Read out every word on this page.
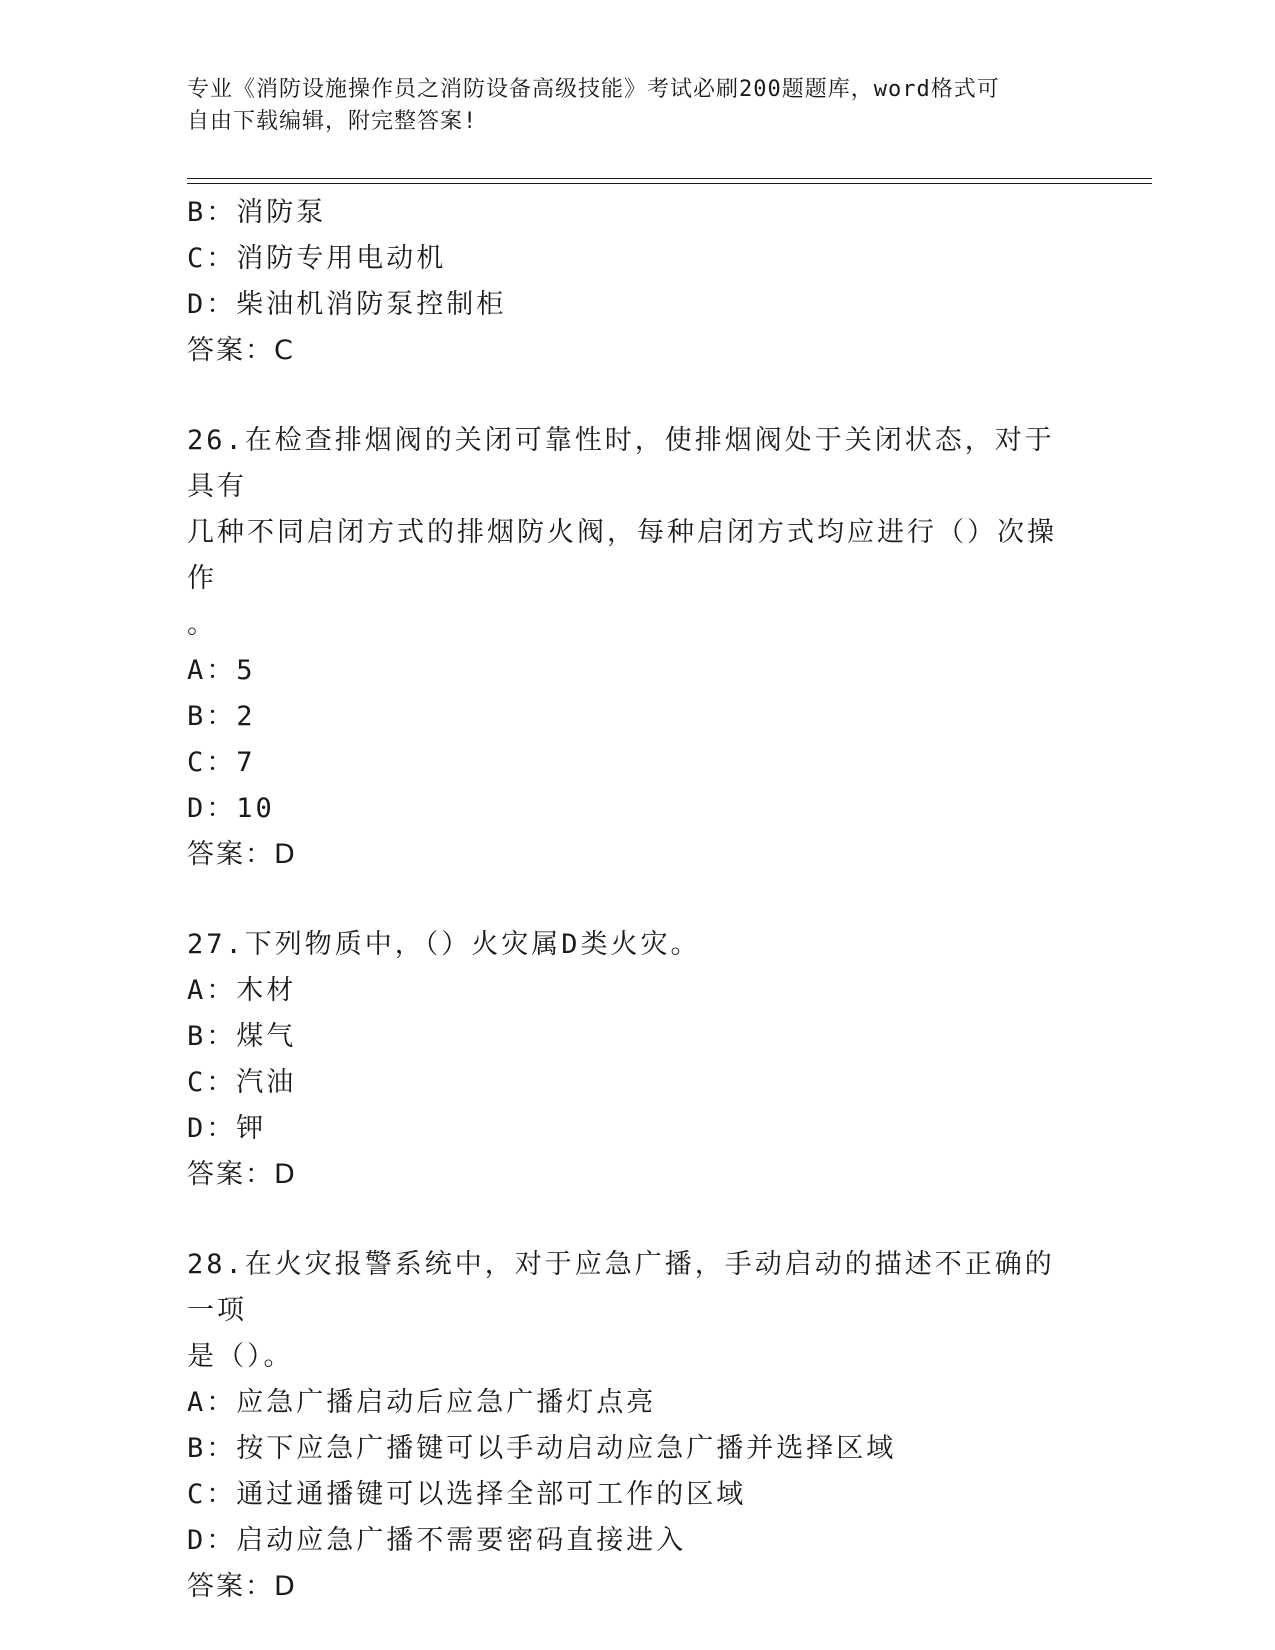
专业《消防设施操作员之消防设备高级技能》考试必刷200题题库，word格式可
自由下载编辑，附完整答案!
B：消防泵
C：消防专用电动机
D：柴油机消防泵控制柜
答案：C
26.在检查排烟阀的关闭可靠性时，使排烟阀处于关闭状态，对于具有
几种不同启闭方式的排烟防火阀，每种启闭方式均应进行（）次操作
。
A：5
B：2
C：7
D：10
答案：D
27.下列物质中，（）火灾属D类火灾。
A：木材
B：煤气
C：汽油
D：钾
答案：D
28.在火灾报警系统中，对于应急广播，手动启动的描述不正确的一项
是（）。
A：应急广播启动后应急广播灯点亮
B：按下应急广播键可以手动启动应急广播并选择区域
C：通过通播键可以选择全部可工作的区域
D：启动应急广播不需要密码直接进入
答案：D
